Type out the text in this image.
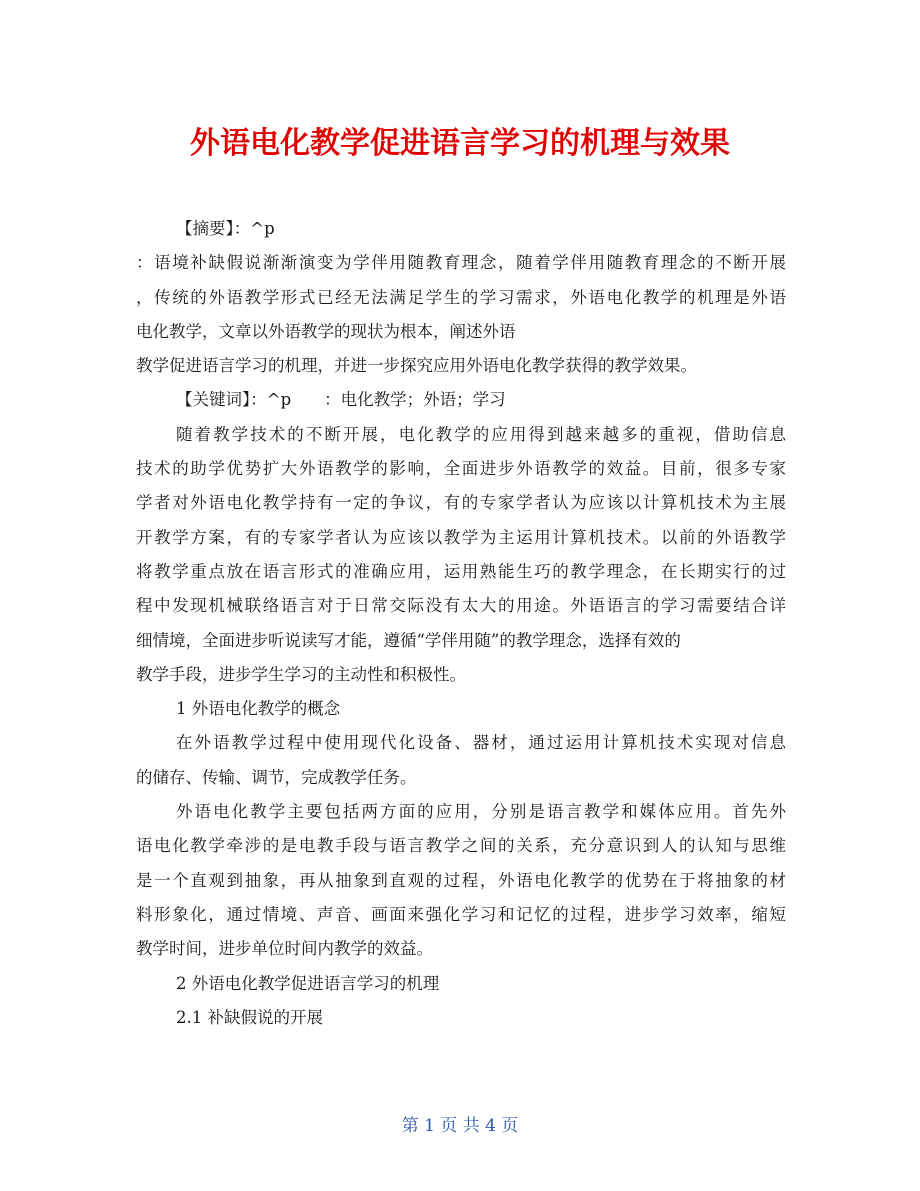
外语电化教学促进语言学习的机理与效果
【摘要】：^p
：语境补缺假说渐渐演变为学伴用随教育理念，随着学伴用随教育理念的不断开展
，传统的外语教学形式已经无法满足学生的学习需求，外语电化教学的机理是外语
电化教学，文章以外语教学的现状为根本，阐述外语
教学促进语言学习的机理，并进一步探究应用外语电化教学获得的教学效果。
【关键词】：^p　　：电化教学；外语；学习
随着教学技术的不断开展，电化教学的应用得到越来越多的重视，借助信息
技术的助学优势扩大外语教学的影响，全面进步外语教学的效益。目前，很多专家
学者对外语电化教学持有一定的争议，有的专家学者认为应该以计算机技术为主展
开教学方案，有的专家学者认为应该以教学为主运用计算机技术。以前的外语教学
将教学重点放在语言形式的准确应用，运用熟能生巧的教学理念，在长期实行的过
程中发现机械联络语言对于日常交际没有太大的用途。外语语言的学习需要结合详
细情境，全面进步听说读写才能，遵循“学伴用随”的教学理念，选择有效的
教学手段，进步学生学习的主动性和积极性。
1 外语电化教学的概念
在外语教学过程中使用现代化设备、器材，通过运用计算机技术实现对信息
的储存、传输、调节，完成教学任务。
外语电化教学主要包括两方面的应用，分别是语言教学和媒体应用。首先外
语电化教学牵涉的是电教手段与语言教学之间的关系，充分意识到人的认知与思维
是一个直观到抽象，再从抽象到直观的过程，外语电化教学的优势在于将抽象的材
料形象化，通过情境、声音、画面来强化学习和记忆的过程，进步学习效率，缩短
教学时间，进步单位时间内教学的效益。
2 外语电化教学促进语言学习的机理
2.1 补缺假说的开展
第 1 页 共 4 页
